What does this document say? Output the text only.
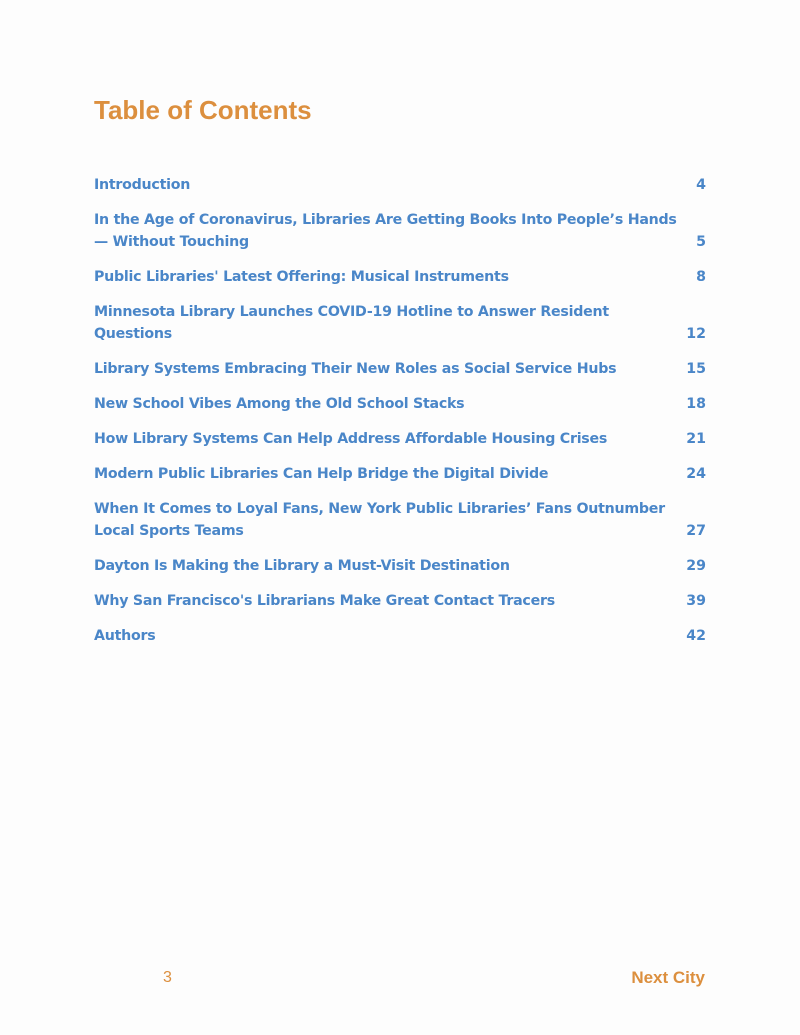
Table of Contents
Introduction	4
In the Age of Coronavirus, Libraries Are Getting Books Into People’s Hands — Without Touching	5
Public Libraries' Latest Offering: Musical Instruments	8
Minnesota Library Launches COVID-19 Hotline to Answer Resident Questions	12
Library Systems Embracing Their New Roles as Social Service Hubs	15
New School Vibes Among the Old School Stacks	18
How Library Systems Can Help Address Affordable Housing Crises	21
Modern Public Libraries Can Help Bridge the Digital Divide	24
When It Comes to Loyal Fans, New York Public Libraries’ Fans Outnumber Local Sports Teams	27
Dayton Is Making the Library a Must-Visit Destination	29
Why San Francisco's Librarians Make Great Contact Tracers	39
Authors	42
3	Next City
